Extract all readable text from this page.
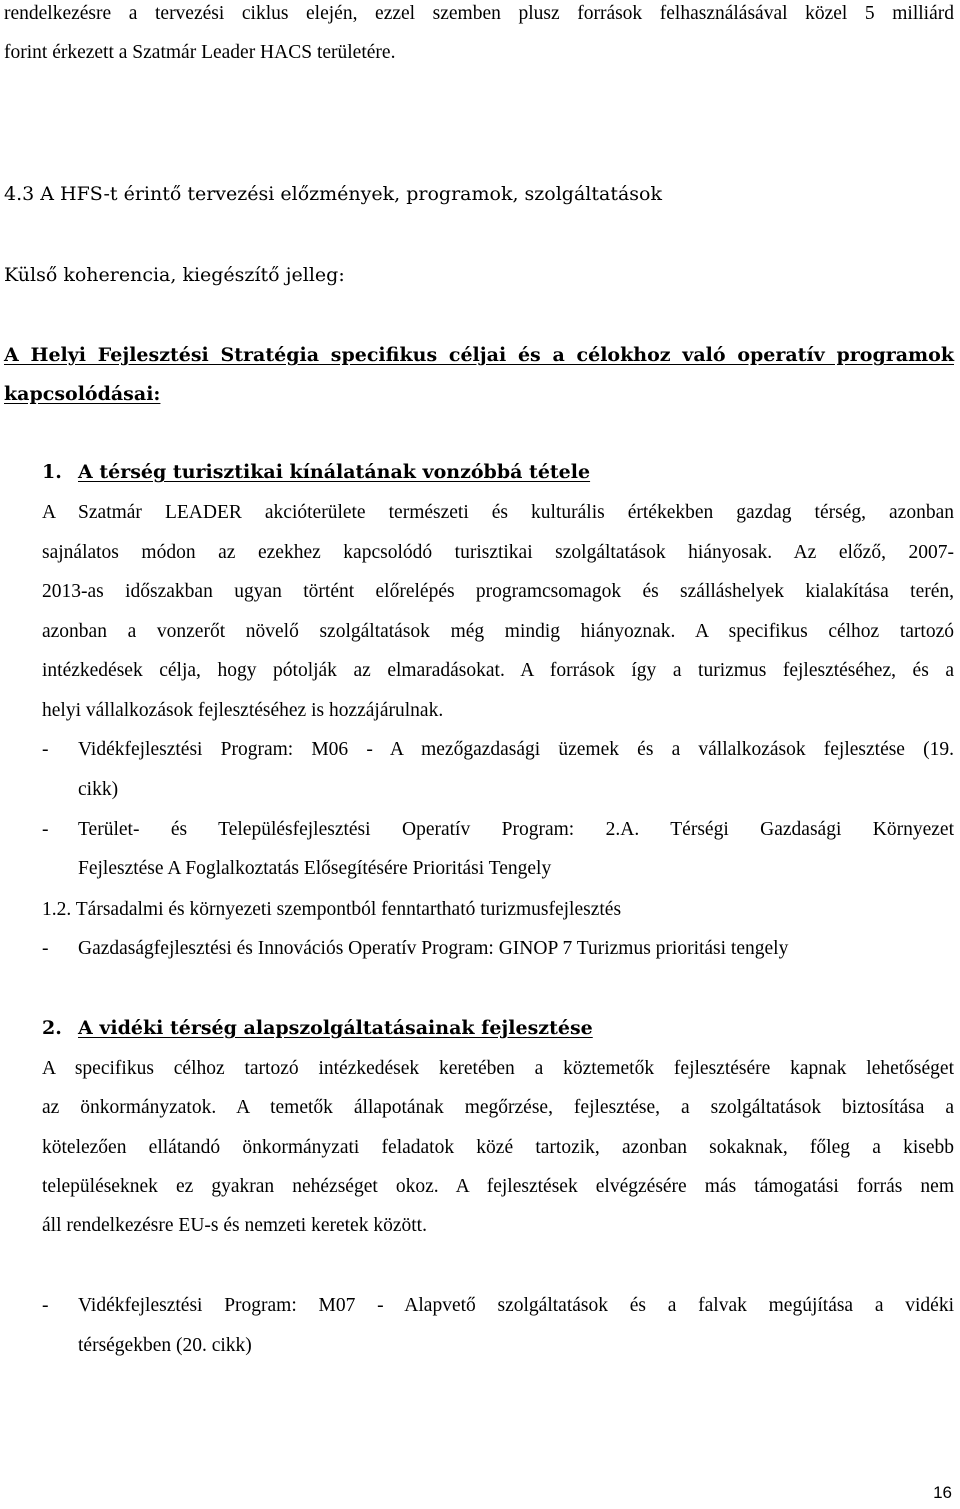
rendelkezésre a tervezési ciklus elején, ezzel szemben plusz források felhasználásával közel 5 milliárd
forint érkezett a Szatmár Leader HACS területére.
4.3 A HFS-t érintő tervezési előzmények, programok, szolgáltatások
Külső koherencia, kiegészítő jelleg:
A Helyi Fejlesztési Stratégia specifikus céljai és a célokhoz való operatív programok
kapcsolódásai:
1. A térség turisztikai kínálatának vonzóbbá tétele
A Szatmár LEADER akcióterülete természeti és kulturális értékekben gazdag térség, azonban
sajnálatos módon az ezekhez kapcsolódó turisztikai szolgáltatások hiányosak. Az előző, 2007-
2013-as időszakban ugyan történt előrelépés programcsomagok és szálláshelyek kialakítása terén,
azonban a vonzerőt növelő szolgáltatások még mindig hiányoznak. A specifikus célhoz tartozó
intézkedések célja, hogy pótolják az elmaradásokat. A források így a turizmus fejlesztéséhez, és a
helyi vállalkozások fejlesztéséhez is hozzájárulnak.
- Vidékfejlesztési Program: M06 - A mezőgazdasági üzemek és a vállalkozások fejlesztése (19.
cikk)
- Terület- és Településfejlesztési Operatív Program: 2.A. Térségi Gazdasági Környezet
Fejlesztése A Foglalkoztatás Elősegítésére Prioritási Tengely
1.2. Társadalmi és környezeti szempontból fenntartható turizmusfejlesztés
- Gazdaságfejlesztési és Innovációs Operatív Program: GINOP 7 Turizmus prioritási tengely
2. A vidéki térség alapszolgáltatásainak fejlesztése
A specifikus célhoz tartozó intézkedések keretében a köztemetők fejlesztésére kapnak lehetőséget
az önkormányzatok. A temetők állapotának megőrzése, fejlesztése, a szolgáltatások biztosítása a
kötelezően ellátandó önkormányzati feladatok közé tartozik, azonban sokaknak, főleg a kisebb
településeknek ez gyakran nehézséget okoz. A fejlesztések elvégzésére más támogatási forrás nem
áll rendelkezésre EU-s és nemzeti keretek között.
- Vidékfejlesztési Program: M07 - Alapvető szolgáltatások és a falvak megújítása a vidéki
térségekben (20. cikk)
16
